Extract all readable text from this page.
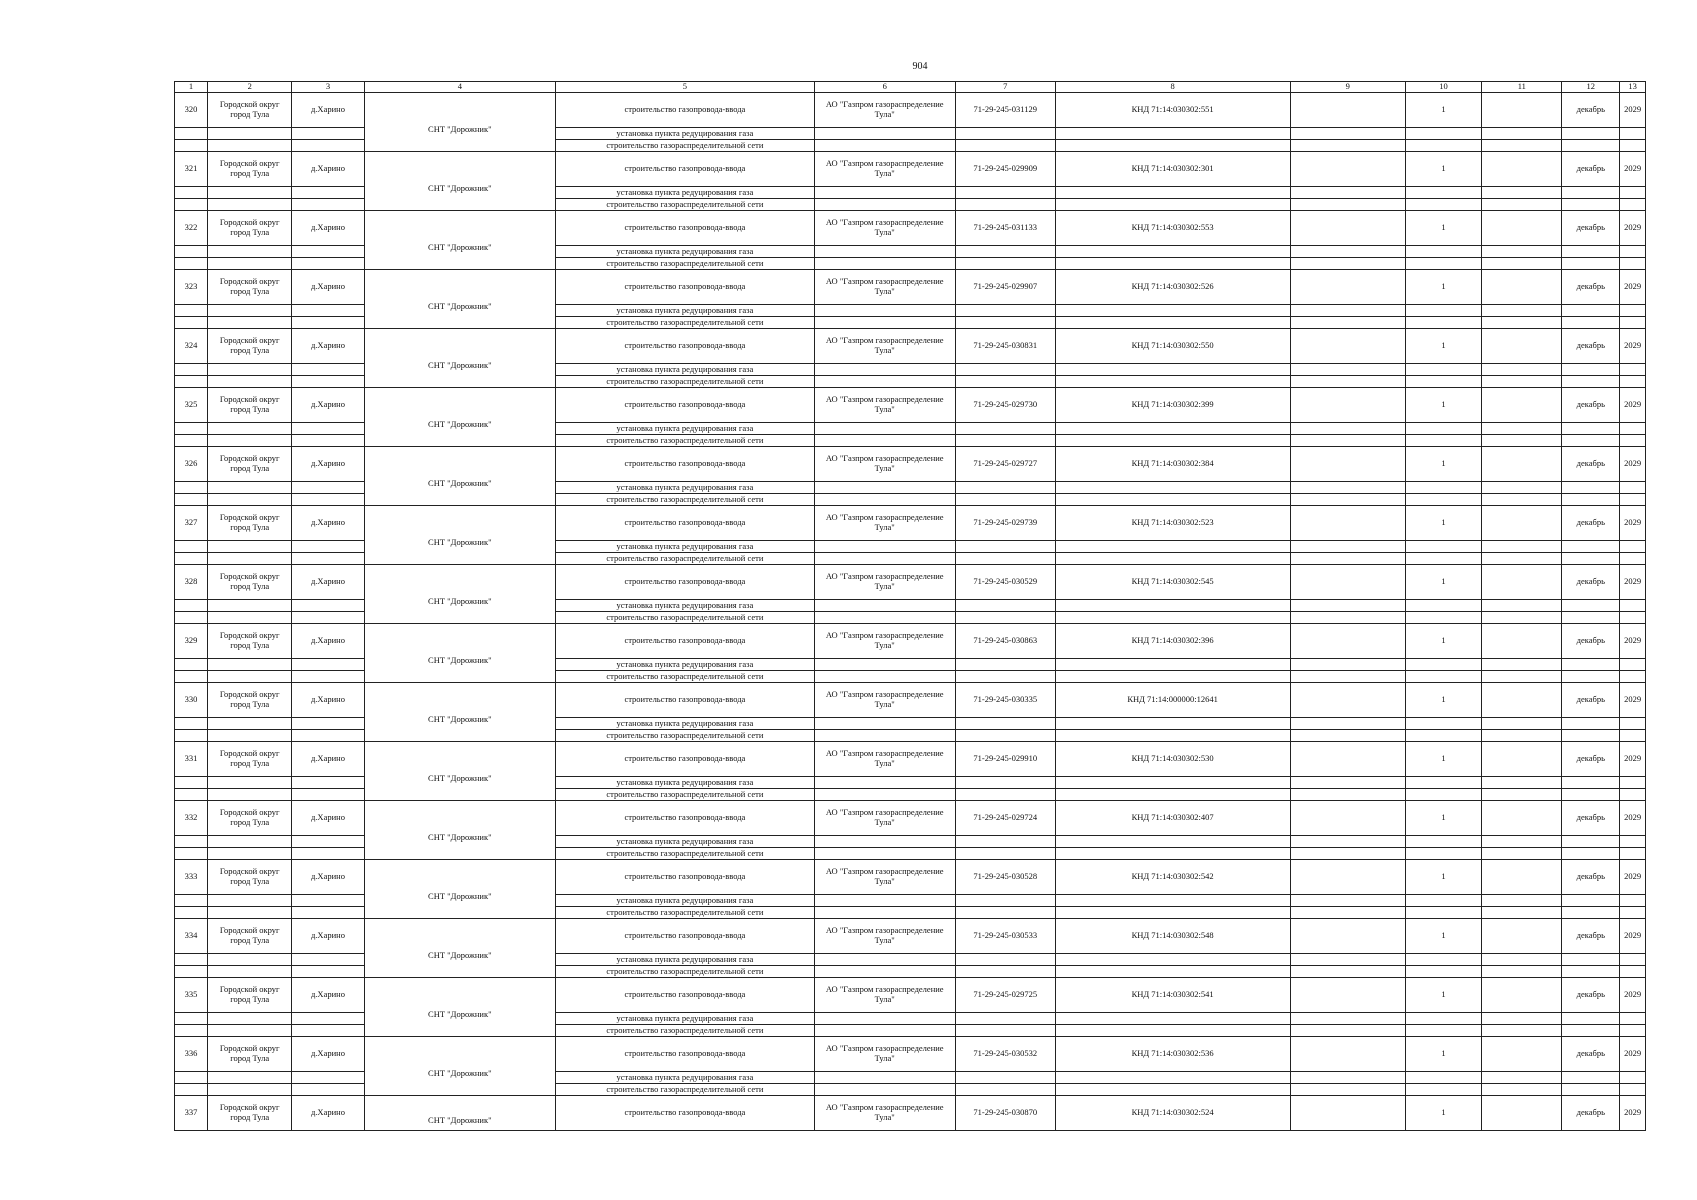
904
1	2	3	4	5	6	7	8	9	10	11	12	13
320	Городской округ город Тула	д.Харино	СНТ "Дорожник"	строительство газопровода-ввода	АО "Газпром газораспределение Тула"	71-29-245-031129	КНД 71:14:030302:551		1		декабрь	2029
				установка пункта редуцирования газа								
				строительство газораспределительной сети								
321	Городской округ город Тула	д.Харино	СНТ "Дорожник"	строительство газопровода-ввода	АО "Газпром газораспределение Тула"	71-29-245-029909	КНД 71:14:030302:301		1		декабрь	2029
				установка пункта редуцирования газа								
				строительство газораспределительной сети								
322	Городской округ город Тула	д.Харино	СНТ "Дорожник"	строительство газопровода-ввода	АО "Газпром газораспределение Тула"	71-29-245-031133	КНД 71:14:030302:553		1		декабрь	2029
				установка пункта редуцирования газа								
				строительство газораспределительной сети								
323	Городской округ город Тула	д.Харино	СНТ "Дорожник"	строительство газопровода-ввода	АО "Газпром газораспределение Тула"	71-29-245-029907	КНД 71:14:030302:526		1		декабрь	2029
				установка пункта редуцирования газа								
				строительство газораспределительной сети								
324	Городской округ город Тула	д.Харино	СНТ "Дорожник"	строительство газопровода-ввода	АО "Газпром газораспределение Тула"	71-29-245-030831	КНД 71:14:030302:550		1		декабрь	2029
				установка пункта редуцирования газа								
				строительство газораспределительной сети								
325	Городской округ город Тула	д.Харино	СНТ "Дорожник"	строительство газопровода-ввода	АО "Газпром газораспределение Тула"	71-29-245-029730	КНД 71:14:030302:399		1		декабрь	2029
				установка пункта редуцирования газа								
				строительство газораспределительной сети								
326	Городской округ город Тула	д.Харино	СНТ "Дорожник"	строительство газопровода-ввода	АО "Газпром газораспределение Тула"	71-29-245-029727	КНД 71:14:030302:384		1		декабрь	2029
				установка пункта редуцирования газа								
				строительство газораспределительной сети								
327	Городской округ город Тула	д.Харино	СНТ "Дорожник"	строительство газопровода-ввода	АО "Газпром газораспределение Тула"	71-29-245-029739	КНД 71:14:030302:523		1		декабрь	2029
				установка пункта редуцирования газа								
				строительство газораспределительной сети								
328	Городской округ город Тула	д.Харино	СНТ "Дорожник"	строительство газопровода-ввода	АО "Газпром газораспределение Тула"	71-29-245-030529	КНД 71:14:030302:545		1		декабрь	2029
				установка пункта редуцирования газа								
				строительство газораспределительной сети								
329	Городской округ город Тула	д.Харино	СНТ "Дорожник"	строительство газопровода-ввода	АО "Газпром газораспределение Тула"	71-29-245-030863	КНД 71:14:030302:396		1		декабрь	2029
				установка пункта редуцирования газа								
				строительство газораспределительной сети								
330	Городской округ город Тула	д.Харино	СНТ "Дорожник"	строительство газопровода-ввода	АО "Газпром газораспределение Тула"	71-29-245-030335	КНД 71:14:000000:12641		1		декабрь	2029
				установка пункта редуцирования газа								
				строительство газораспределительной сети								
331	Городской округ город Тула	д.Харино	СНТ "Дорожник"	строительство газопровода-ввода	АО "Газпром газораспределение Тула"	71-29-245-029910	КНД 71:14:030302:530		1		декабрь	2029
				установка пункта редуцирования газа								
				строительство газораспределительной сети								
332	Городской округ город Тула	д.Харино	СНТ "Дорожник"	строительство газопровода-ввода	АО "Газпром газораспределение Тула"	71-29-245-029724	КНД 71:14:030302:407		1		декабрь	2029
				установка пункта редуцирования газа								
				строительство газораспределительной сети								
333	Городской округ город Тула	д.Харино	СНТ "Дорожник"	строительство газопровода-ввода	АО "Газпром газораспределение Тула"	71-29-245-030528	КНД 71:14:030302:542		1		декабрь	2029
				установка пункта редуцирования газа								
				строительство газораспределительной сети								
334	Городской округ город Тула	д.Харино	СНТ "Дорожник"	строительство газопровода-ввода	АО "Газпром газораспределение Тула"	71-29-245-030533	КНД 71:14:030302:548		1		декабрь	2029
				установка пункта редуцирования газа								
				строительство газораспределительной сети								
335	Городской округ город Тула	д.Харино	СНТ "Дорожник"	строительство газопровода-ввода	АО "Газпром газораспределение Тула"	71-29-245-029725	КНД 71:14:030302:541		1		декабрь	2029
				установка пункта редуцирования газа								
				строительство газораспределительной сети								
336	Городской округ город Тула	д.Харино	СНТ "Дорожник"	строительство газопровода-ввода	АО "Газпром газораспределение Тула"	71-29-245-030532	КНД 71:14:030302:536		1		декабрь	2029
				установка пункта редуцирования газа								
				строительство газораспределительной сети								
337	Городской округ город Тула	д.Харино	СНТ "Дорожник"	строительство газопровода-ввода	АО "Газпром газораспределение Тула"	71-29-245-030870	КНД 71:14:030302:524		1		декабрь	2029
